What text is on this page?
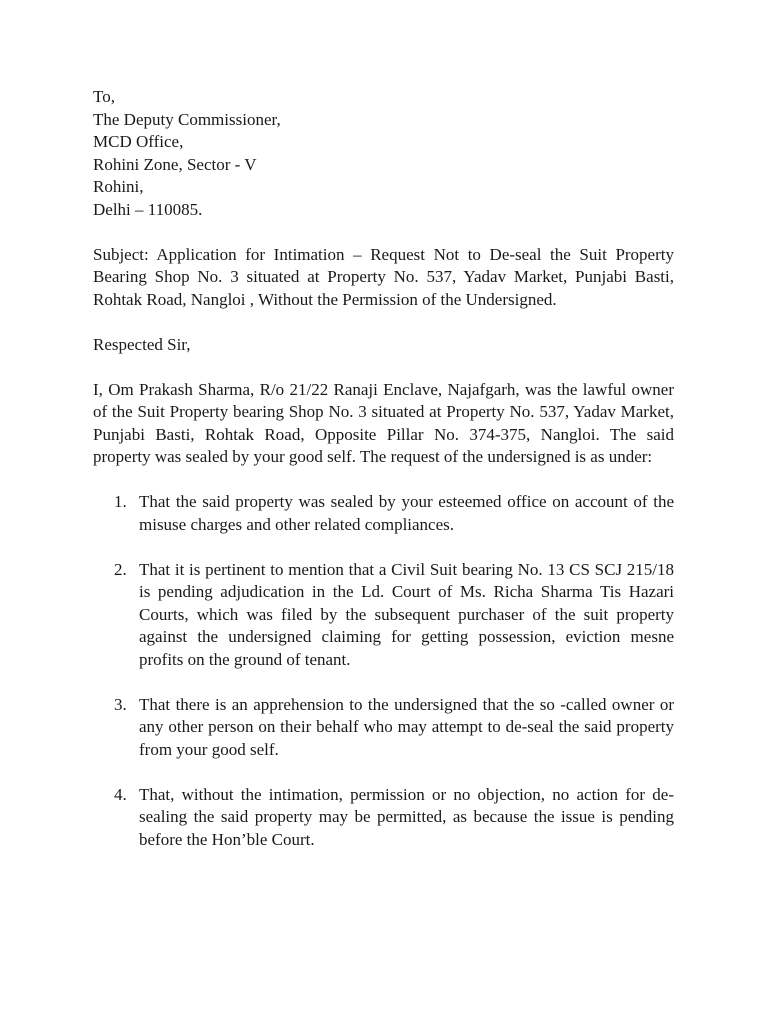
To,
The Deputy Commissioner,
MCD Office,
Rohini Zone, Sector - V
Rohini,
Delhi – 110085.

Subject: Application for Intimation – Request Not to De-seal the Suit Property Bearing Shop No. 3 situated at Property No. 537, Yadav Market, Punjabi Basti, Rohtak Road, Nangloi , Without the Permission of the Undersigned.

Respected Sir,

I, Om Prakash Sharma, R/o 21/22 Ranaji Enclave, Najafgarh, was the lawful owner of the Suit Property bearing Shop No. 3 situated at Property No. 537, Yadav Market, Punjabi Basti, Rohtak Road, Opposite Pillar No. 374-375, Nangloi. The said property was sealed by your good self. The request of the undersigned is as under:

1. That the said property was sealed by your esteemed office on account of the misuse charges and other related compliances.
2. That it is pertinent to mention that a Civil Suit bearing No. 13 CS SCJ 215/18 is pending adjudication in the Ld. Court of Ms. Richa Sharma Tis Hazari Courts, which was filed by the subsequent purchaser of the suit property against the undersigned claiming for getting possession, eviction mesne profits on the ground of tenant.
3. That there is an apprehension to the undersigned that the so -called owner or any other person on their behalf who may attempt to de-seal the said property from your good self.
4. That, without the intimation, permission or no objection, no action for de-sealing the said property may be permitted, as because the issue is pending before the Hon’ble Court.
